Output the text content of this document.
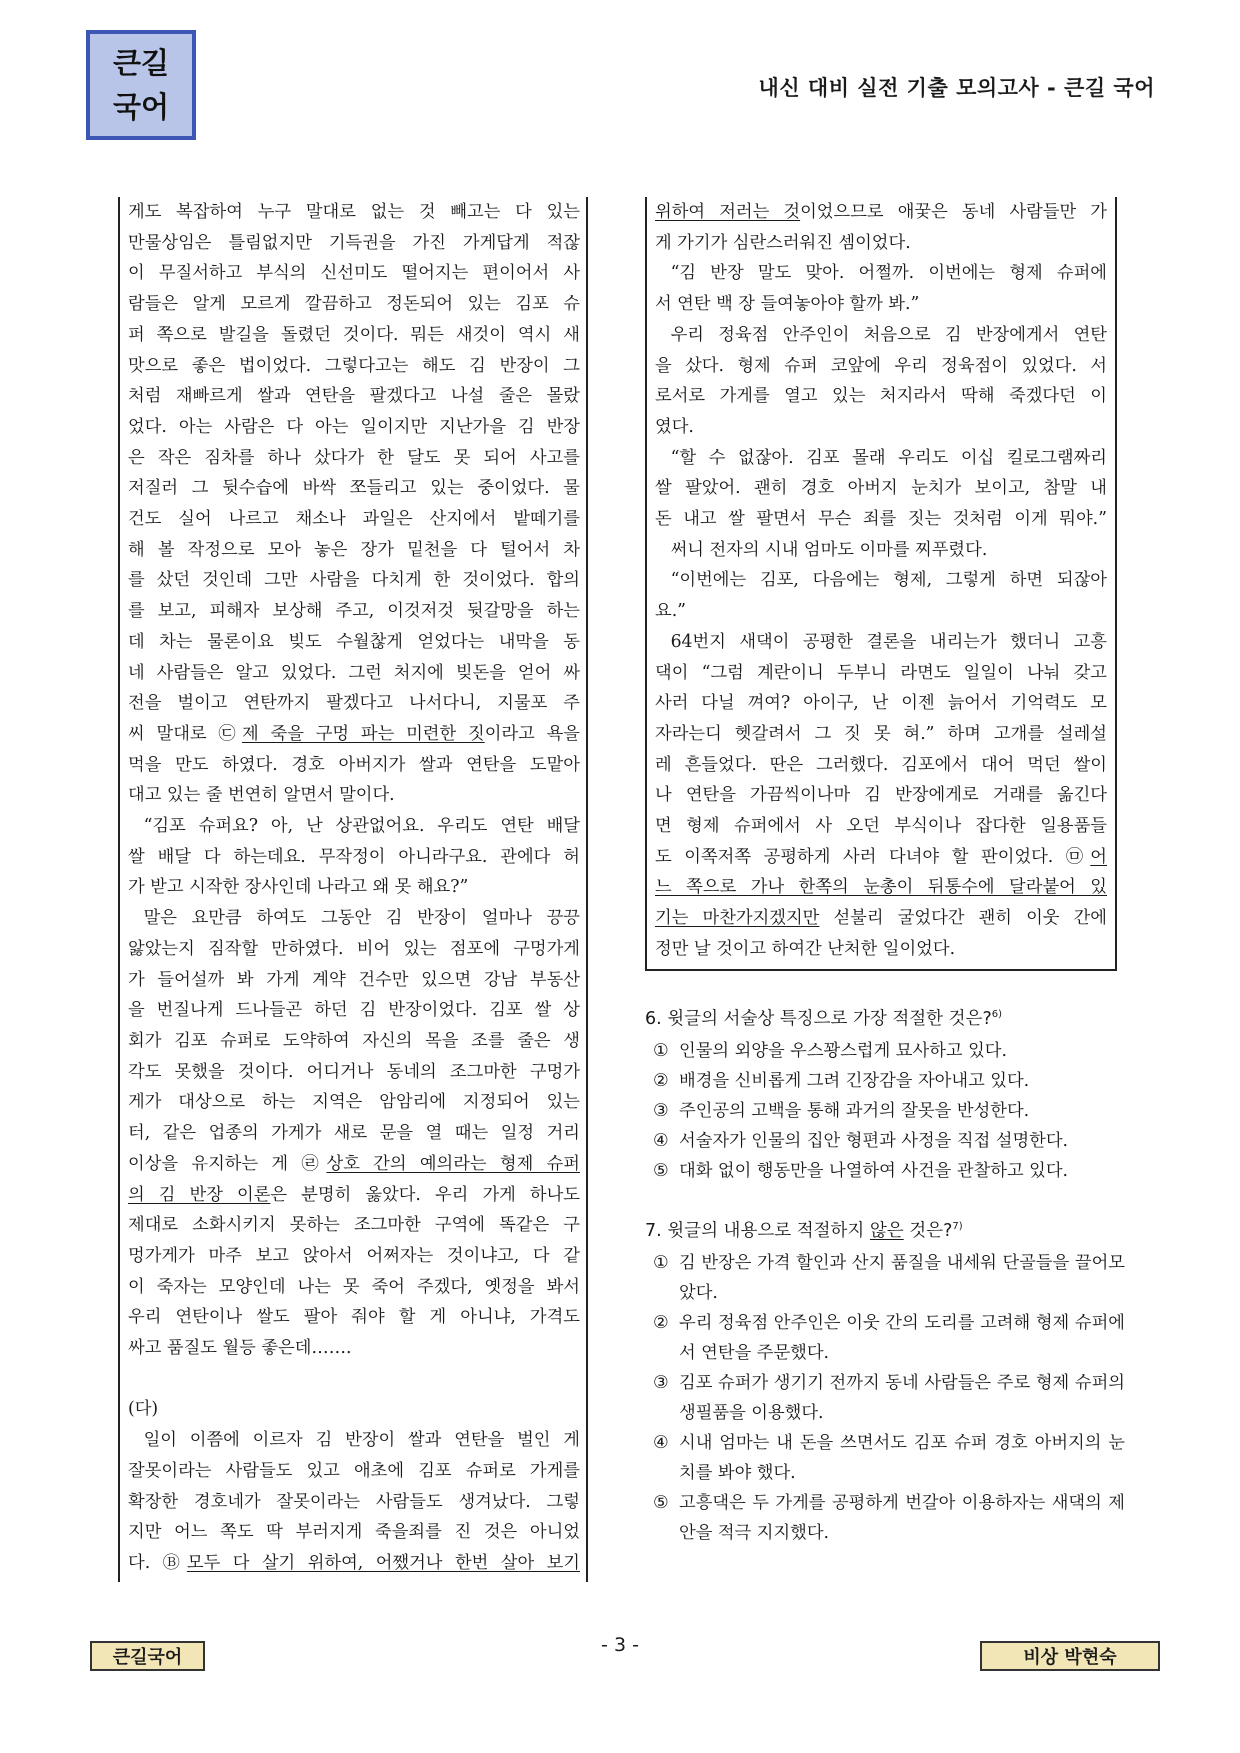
큰길
국어
내신 대비 실전 기출 모의고사 - 큰길 국어

게도 복잡하여 누구 말대로 없는 것 빼고는 다 있는

만물상임은 틀림없지만 기득권을 가진 가게답게 적잖

이 무질서하고 부식의 신선미도 떨어지는 편이어서 사

람들은 알게 모르게 깔끔하고 정돈되어 있는 김포 슈

퍼 쪽으로 발길을 돌렸던 것이다. 뭐든 새것이 역시 새

맛으로 좋은 법이었다. 그렇다고는 해도 김 반장이 그

처럼 재빠르게 쌀과 연탄을 팔겠다고 나설 줄은 몰랐

었다. 아는 사람은 다 아는 일이지만 지난가을 김 반장

은 작은 짐차를 하나 샀다가 한 달도 못 되어 사고를

저질러 그 뒷수습에 바싹 쪼들리고 있는 중이었다. 물

건도 실어 나르고 채소나 과일은 산지에서 밭떼기를

해 볼 작정으로 모아 놓은 장가 밑천을 다 털어서 차

를 샀던 것인데 그만 사람을 다치게 한 것이었다. 합의

를 보고, 피해자 보상해 주고, 이것저것 뒷갈망을 하는

데 차는 물론이요 빚도 수월찮게 얻었다는 내막을 동

네 사람들은 알고 있었다. 그런 처지에 빚돈을 얻어 싸

전을 벌이고 연탄까지 팔겠다고 나서다니, 지물포 주

씨 말대로 ㉢제 죽을 구멍 파는 미련한 짓이라고 욕을

먹을 만도 하였다. 경호 아버지가 쌀과 연탄을 도맡아

대고 있는 줄 번연히 알면서 말이다.

“김포 슈퍼요? 아, 난 상관없어요. 우리도 연탄 배달

쌀 배달 다 하는데요. 무작정이 아니라구요. 관에다 허

가 받고 시작한 장사인데 나라고 왜 못 해요?”

말은 요만큼 하여도 그동안 김 반장이 얼마나 끙끙

앓았는지 짐작할 만하였다. 비어 있는 점포에 구멍가게

가 들어설까 봐 가게 계약 건수만 있으면 강남 부동산

을 번질나게 드나들곤 하던 김 반장이었다. 김포 쌀 상

회가 김포 슈퍼로 도약하여 자신의 목을 조를 줄은 생

각도 못했을 것이다. 어디거나 동네의 조그마한 구멍가

게가 대상으로 하는 지역은 암암리에 지정되어 있는

터, 같은 업종의 가게가 새로 문을 열 때는 일정 거리

이상을 유지하는 게 ㉣상호 간의 예의라는 형제 슈퍼

의 김 반장 이론은 분명히 옳았다. 우리 가게 하나도

제대로 소화시키지 못하는 조그마한 구역에 똑같은 구

멍가게가 마주 보고 앉아서 어쩌자는 것이냐고, 다 같

이 죽자는 모양인데 나는 못 죽어 주겠다, 옛정을 봐서

우리 연탄이나 쌀도 팔아 줘야 할 게 아니냐, 가격도

싸고 품질도 월등 좋은데…….

(다)

일이 이쯤에 이르자 김 반장이 쌀과 연탄을 벌인 게

잘못이라는 사람들도 있고 애초에 김포 슈퍼로 가게를

확장한 경호네가 잘못이라는 사람들도 생겨났다. 그렇

지만 어느 쪽도 딱 부러지게 죽을죄를 진 것은 아니었

다. Ⓑ모두 다 살기 위하여, 어쨌거나 한번 살아 보기

위하여 저러는 것이었으므로 애꿎은 동네 사람들만 가

게 가기가 심란스러워진 셈이었다.

“김 반장 말도 맞아. 어쩔까. 이번에는 형제 슈퍼에

서 연탄 백 장 들여놓아야 할까 봐.”

우리 정육점 안주인이 처음으로 김 반장에게서 연탄

을 샀다. 형제 슈퍼 코앞에 우리 정육점이 있었다. 서

로서로 가게를 열고 있는 처지라서 딱해 죽겠다던 이

였다.

“할 수 없잖아. 김포 몰래 우리도 이십 킬로그램짜리

쌀 팔았어. 괜히 경호 아버지 눈치가 보이고, 참말 내

돈 내고 쌀 팔면서 무슨 죄를 짓는 것처럼 이게 뭐야.”

써니 전자의 시내 엄마도 이마를 찌푸렸다.

“이번에는 김포, 다음에는 형제, 그렇게 하면 되잖아

요.”

64번지 새댁이 공평한 결론을 내리는가 했더니 고흥

댁이 “그럼 계란이니 두부니 라면도 일일이 나눠 갖고

사러 다닐 껴여? 아이구, 난 이젠 늙어서 기억력도 모

자라는디 헷갈려서 그 짓 못 혀.” 하며 고개를 설레설

레 흔들었다. 딴은 그러했다. 김포에서 대어 먹던 쌀이

나 연탄을 가끔씩이나마 김 반장에게로 거래를 옮긴다

면 형제 슈퍼에서 사 오던 부식이나 잡다한 일용품들

도 이쪽저쪽 공평하게 사러 다녀야 할 판이었다. ㉤어

느 쪽으로 가나 한쪽의 눈총이 뒤통수에 달라붙어 있

기는 마찬가지겠지만 섣불리 굴었다간 괜히 이웃 간에

정만 날 것이고 하여간 난처한 일이었다.

6. 윗글의 서술상 특징으로 가장 적절한 것은?$^{6)}$

① 인물의 외양을 우스꽝스럽게 묘사하고 있다.
② 배경을 신비롭게 그려 긴장감을 자아내고 있다.
③ 주인공의 고백을 통해 과거의 잘못을 반성한다.
④ 서술자가 인물의 집안 형편과 사정을 직접 설명한다.
⑤ 대화 없이 행동만을 나열하여 사건을 관찰하고 있다.

7. 윗글의 내용으로 적절하지 않은 것은?$^{7)}$

① 김 반장은 가격 할인과 산지 품질을 내세워 단골들을 끌어모았다.
② 우리 정육점 안주인은 이웃 간의 도리를 고려해 형제 슈퍼에서 연탄을 주문했다.
③ 김포 슈퍼가 생기기 전까지 동네 사람들은 주로 형제 슈퍼의 생필품을 이용했다.
④ 시내 엄마는 내 돈을 쓰면서도 김포 슈퍼 경호 아버지의 눈치를 봐야 했다.
⑤ 고흥댁은 두 가게를 공평하게 번갈아 이용하자는 새댁의 제안을 적극 지지했다.
- 3 -
큰길국어	비상 박현숙
